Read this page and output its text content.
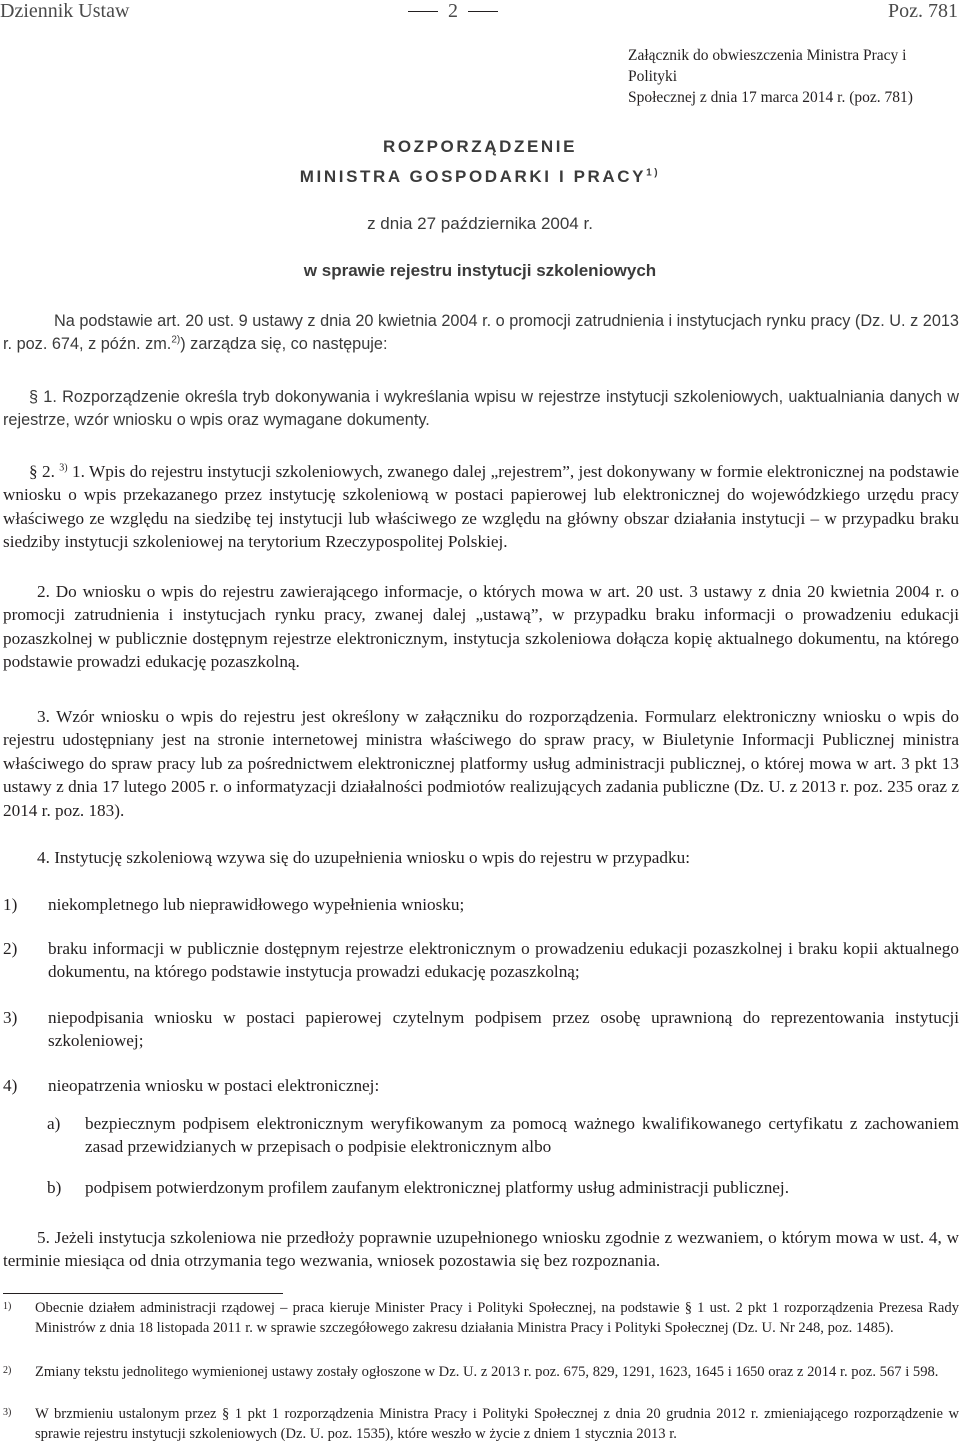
Dziennik Ustaw	2	Poz. 781
Załącznik do obwieszczenia Ministra Pracy i Polityki
Społecznej z dnia 17 marca 2014 r. (poz. 781)
ROZPORZĄDZENIE
MINISTRA GOSPODARKI I PRACY$^{1)}$
z dnia 27 października 2004 r.
w sprawie rejestru instytucji szkoleniowych
Na podstawie art. 20 ust. 9 ustawy z dnia 20 kwietnia 2004 r. o promocji zatrudnienia i instytucjach rynku pracy (Dz. U. z 2013 r. poz. 674, z późn. zm.$^{2)}$) zarządza się, co następuje:
§ 1. Rozporządzenie określa tryb dokonywania i wykreślania wpisu w rejestrze instytucji szkoleniowych, uaktualniania danych w rejestrze, wzór wniosku o wpis oraz wymagane dokumenty.
§ 2. $^{3)}$ 1. Wpis do rejestru instytucji szkoleniowych, zwanego dalej „rejestrem”, jest dokonywany w formie elektronicznej na podstawie wniosku o wpis przekazanego przez instytucję szkoleniową w postaci papierowej lub elektronicznej do wojewódzkiego urzędu pracy właściwego ze względu na siedzibę tej instytucji lub właściwego ze względu na główny obszar działania instytucji – w przypadku braku siedziby instytucji szkoleniowej na terytorium Rzeczypospolitej Polskiej.
2. Do wniosku o wpis do rejestru zawierającego informacje, o których mowa w art. 20 ust. 3 ustawy z dnia 20 kwietnia 2004 r. o promocji zatrudnienia i instytucjach rynku pracy, zwanej dalej „ustawą”, w przypadku braku informacji o prowadzeniu edukacji pozaszkolnej w publicznie dostępnym rejestrze elektronicznym, instytucja szkoleniowa dołącza kopię aktualnego dokumentu, na którego podstawie prowadzi edukację pozaszkolną.
3. Wzór wniosku o wpis do rejestru jest określony w załączniku do rozporządzenia. Formularz elektroniczny wniosku o wpis do rejestru udostępniany jest na stronie internetowej ministra właściwego do spraw pracy, w Biuletynie Informacji Publicznej ministra właściwego do spraw pracy lub za pośrednictwem elektronicznej platformy usług administracji publicznej, o której mowa w art. 3 pkt 13 ustawy z dnia 17 lutego 2005 r. o informatyzacji działalności podmiotów realizujących zadania publiczne (Dz. U. z 2013 r. poz. 235 oraz z 2014 r. poz. 183).
4. Instytucję szkoleniową wzywa się do uzupełnienia wniosku o wpis do rejestru w przypadku:
1) niekompletnego lub nieprawidłowego wypełnienia wniosku;
2) braku informacji w publicznie dostępnym rejestrze elektronicznym o prowadzeniu edukacji pozaszkolnej i braku kopii aktualnego dokumentu, na którego podstawie instytucja prowadzi edukację pozaszkolną;
3) niepodpisania wniosku w postaci papierowej czytelnym podpisem przez osobę uprawnioną do reprezentowania instytucji szkoleniowej;
4) nieopatrzenia wniosku w postaci elektronicznej:
a) bezpiecznym podpisem elektronicznym weryfikowanym za pomocą ważnego kwalifikowanego certyfikatu z zachowaniem zasad przewidzianych w przepisach o podpisie elektronicznym albo
b) podpisem potwierdzonym profilem zaufanym elektronicznej platformy usług administracji publicznej.
5. Jeżeli instytucja szkoleniowa nie przedłoży poprawnie uzupełnionego wniosku zgodnie z wezwaniem, o którym mowa w ust. 4, w terminie miesiąca od dnia otrzymania tego wezwania, wniosek pozostawia się bez rozpoznania.
1) Obecnie działem administracji rządowej – praca kieruje Minister Pracy i Polityki Społecznej, na podstawie § 1 ust. 2 pkt 1 rozporządzenia Prezesa Rady Ministrów z dnia 18 listopada 2011 r. w sprawie szczegółowego zakresu działania Ministra Pracy i Polityki Społecznej (Dz. U. Nr 248, poz. 1485).
2) Zmiany tekstu jednolitego wymienionej ustawy zostały ogłoszone w Dz. U. z 2013 r. poz. 675, 829, 1291, 1623, 1645 i 1650 oraz z 2014 r. poz. 567 i 598.
3) W brzmieniu ustalonym przez § 1 pkt 1 rozporządzenia Ministra Pracy i Polityki Społecznej z dnia 20 grudnia 2012 r. zmieniającego rozporządzenie w sprawie rejestru instytucji szkoleniowych (Dz. U. poz. 1535), które weszło w życie z dniem 1 stycznia 2013 r.
